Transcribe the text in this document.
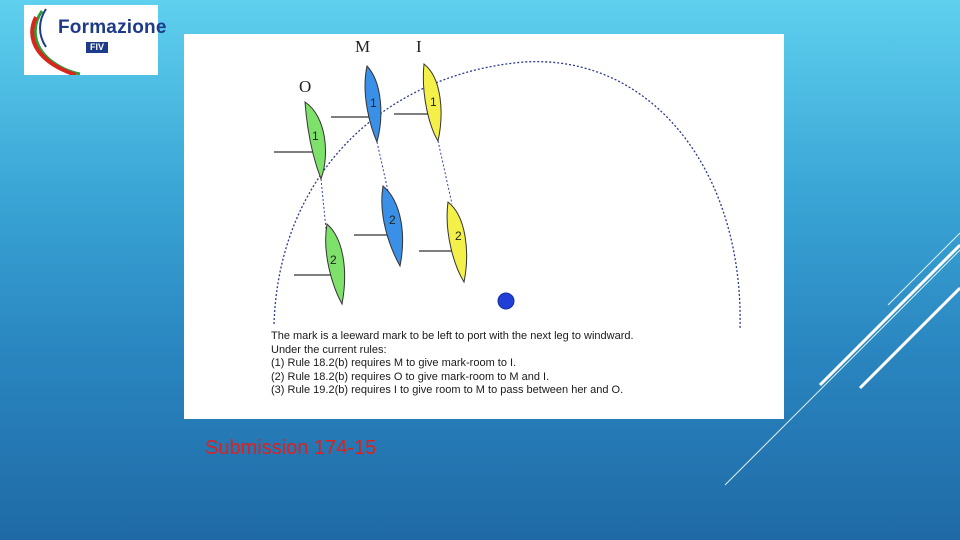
Formazione
FIV
1
1	1
2
2
2
O
M	I
The mark is a leeward mark to be left to port with the next leg to windward.
Under the current rules:
(1) Rule 18.2(b) requires M to give mark-room to I.
(2) Rule 18.2(b) requires O to give mark-room to M and I.
(3) Rule 19.2(b) requires I to give room to M to pass between her and O.
Submission 174-15
